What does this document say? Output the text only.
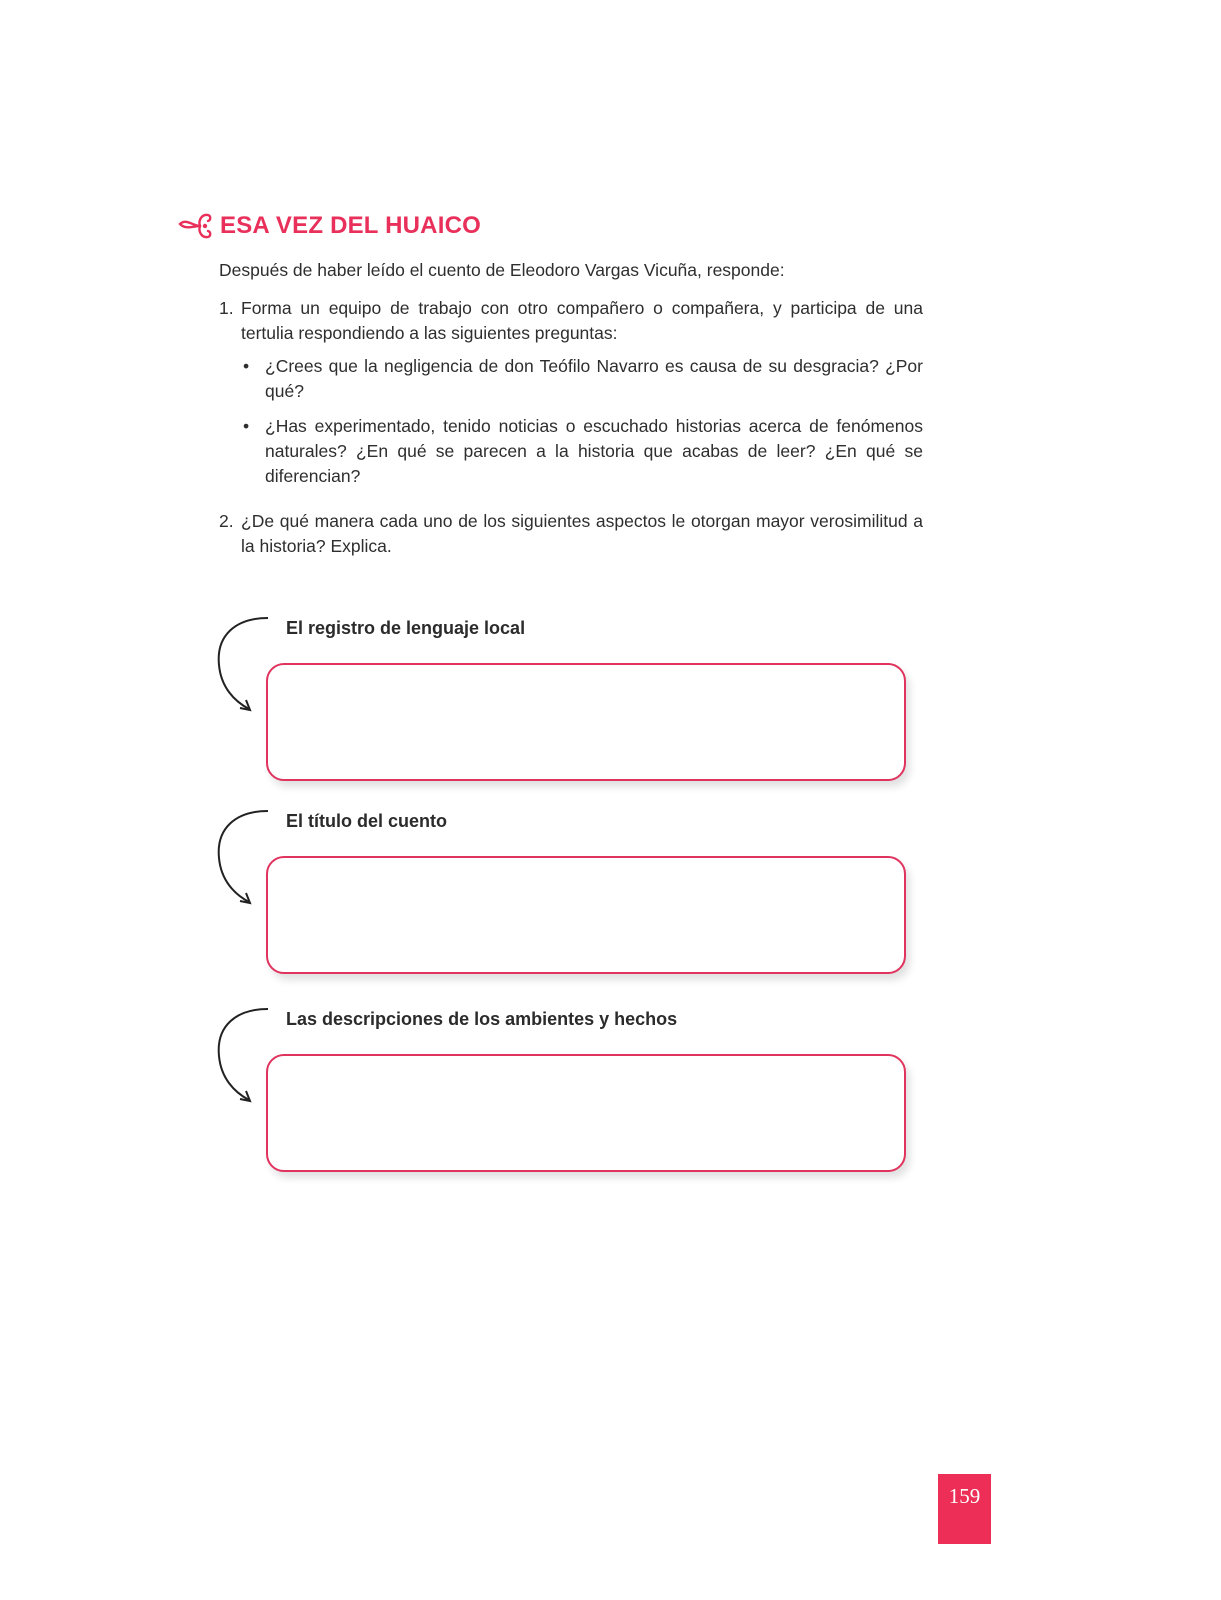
ESA VEZ DEL HUAICO

Después de haber leído el cuento de Eleodoro Vargas Vicuña, responde:

1. Forma un equipo de trabajo con otro compañero o compañera, y participa de una tertulia respondiendo a las siguientes preguntas:
• ¿Crees que la negligencia de don Teófilo Navarro es causa de su desgracia? ¿Por qué?
• ¿Has experimentado, tenido noticias o escuchado historias acerca de fenómenos naturales? ¿En qué se parecen a la historia que acabas de leer? ¿En qué se diferencian?
2. ¿De qué manera cada uno de los siguientes aspectos le otorgan mayor verosimilitud a la historia? Explica.
El registro de lenguaje local
El título del cuento
Las descripciones de los ambientes y hechos
159
